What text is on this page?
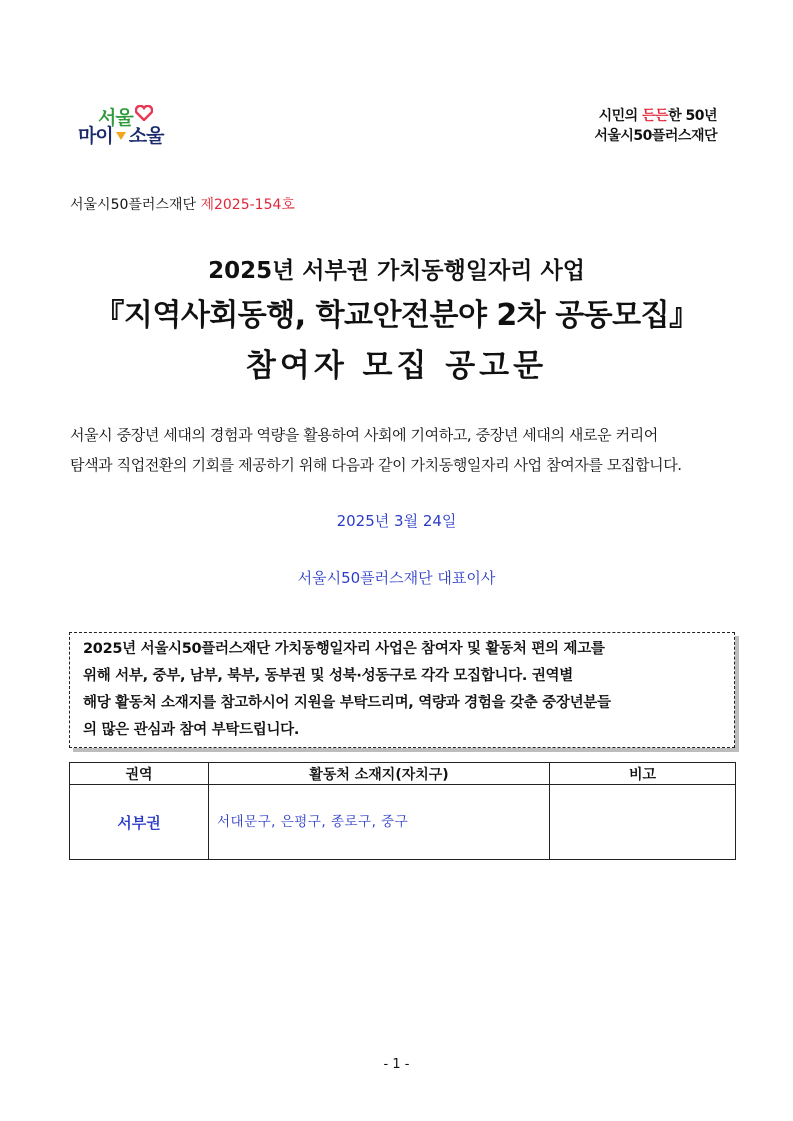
서울
마이 소울
시민의 든든한 50년
서울시50플러스재단
서울시50플러스재단 제2025-154호
2025년 서부권 가치동행일자리 사업
『지역사회동행, 학교안전분야 2차 공동모집』
참여자 모집 공고문
서울시 중장년 세대의 경험과 역량을 활용하여 사회에 기여하고, 중장년 세대의 새로운 커리어
탐색과 직업전환의 기회를 제공하기 위해 다음과 같이 가치동행일자리 사업 참여자를 모집합니다.
2025년 3월 24일
서울시50플러스재단 대표이사
2025년 서울시50플러스재단 가치동행일자리 사업은 참여자 및 활동처 편의 제고를
위해 서부, 중부, 남부, 북부, 동부권 및 성북·성동구로 각각 모집합니다. 권역별
해당 활동처 소재지를 참고하시어 지원을 부탁드리며, 역량과 경험을 갖춘 중장년분들
의 많은 관심과 참여 부탁드립니다.
권역	활동처 소재지(자치구)	비고
서부권	서대문구, 은평구, 종로구, 중구	
- 1 -
